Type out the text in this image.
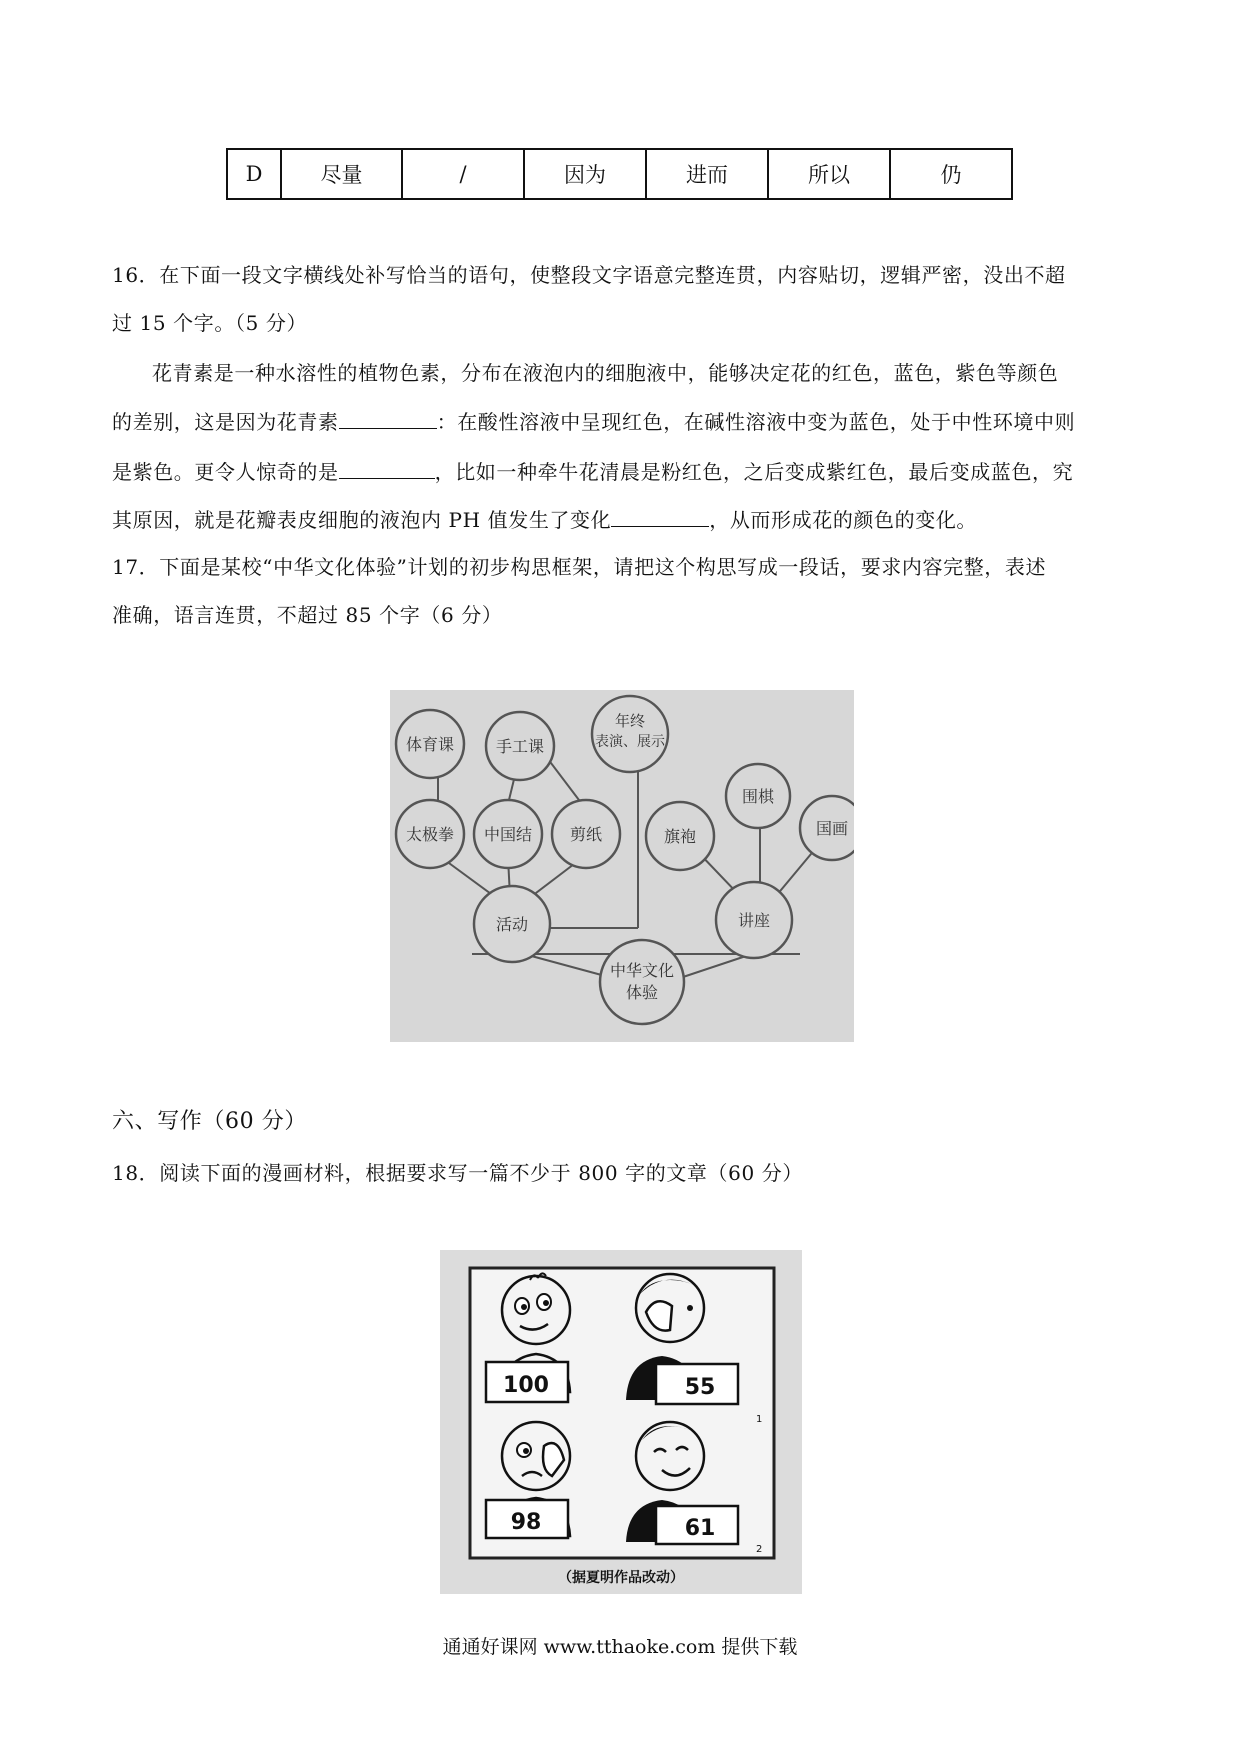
D	尽量	/	因为	进而	所以	仍
16．在下面一段文字横线处补写恰当的语句，使整段文字语意完整连贯，内容贴切，逻辑严密，没出不超
过 15 个字。（5 分）
花青素是一种水溶性的植物色素，分布在液泡内的细胞液中，能够决定花的红色，蓝色，紫色等颜色
的差别，这是因为花青素	：在酸性溶液中呈现红色，在碱性溶液中变为蓝色，处于中性环境中则
是紫色。更令人惊奇的是	，比如一种牵牛花清晨是粉红色，之后变成紫红色，最后变成蓝色，究
其原因，就是花瓣表皮细胞的液泡内 PH 值发生了变化	，从而形成花的颜色的变化。
17．下面是某校“中华文化体验”计划的初步构思框架，请把这个构思写成一段话，要求内容完整，表述
准确，语言连贯，不超过 85 个字（6 分）
体育课	手工课
年终
表演、展示
太极拳 中国结 剪纸
活动
旗袍
围棋
国画
讲座
中华文化
体验
六、写作（60 分）
18．阅读下面的漫画材料，根据要求写一篇不少于 800 字的文章（60 分）
100	55
1
98	61
2
（据夏明作品改动）
通通好课网 www.tthaoke.com 提供下载
